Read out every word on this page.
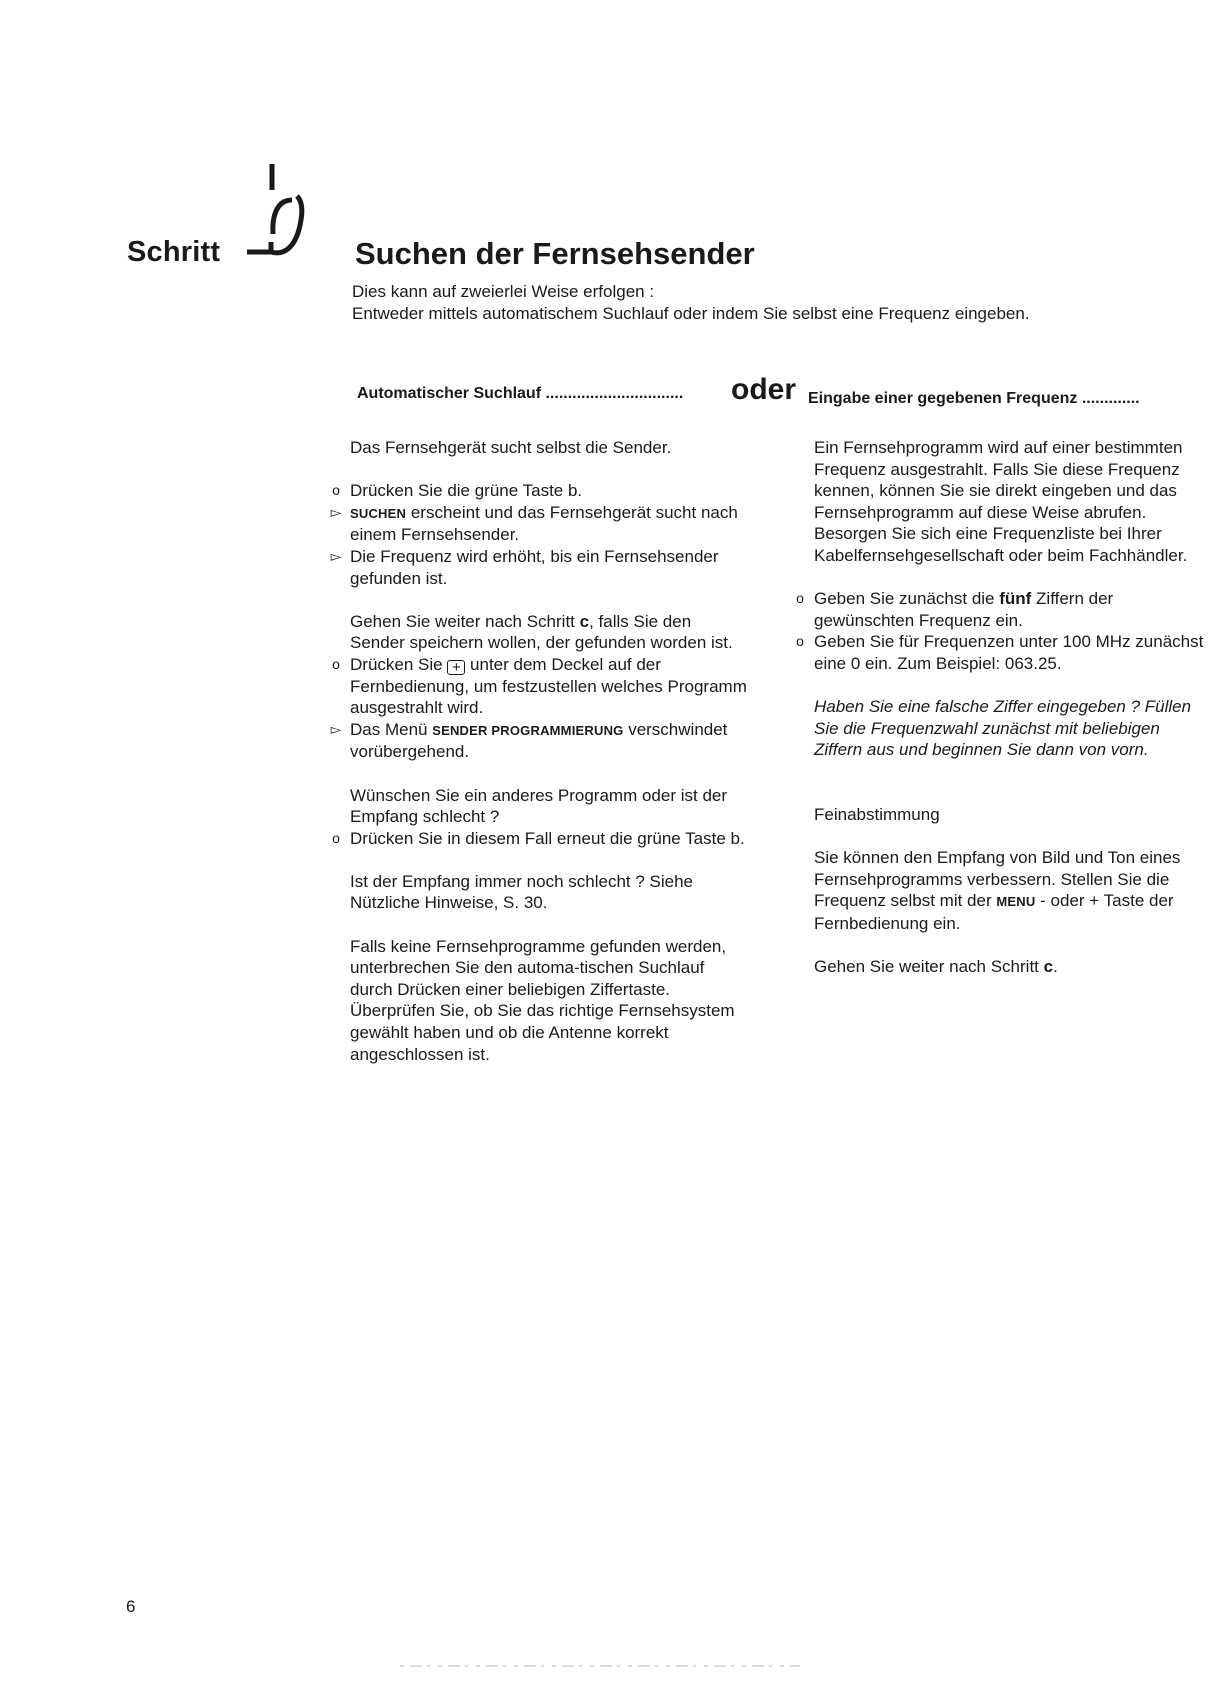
Schritt	Suchen der Fernsehsender
Dies kann auf zweierlei Weise erfolgen :
Entweder mittels automatischem Suchlauf oder indem Sie selbst eine Frequenz eingeben.
Automatischer Suchlauf ............................... oder Eingabe einer gegebenen Frequenz .............

Das Fernsehgerät sucht selbst die Sender.

o Drücken Sie die grüne Taste b.

▻ SUCHEN erscheint und das Fernsehgerät sucht nach einem Fernsehsender.

▻ Die Frequenz wird erhöht, bis ein Fernsehsender gefunden ist.

Gehen Sie weiter nach Schritt c, falls Sie den Sender speichern wollen, der gefunden worden ist.

o Drücken Sie + unter dem Deckel auf der Fernbedienung, um festzustellen welches Programm ausgestrahlt wird.

▻ Das Menü SENDER PROGRAMMIERUNG verschwindet vorübergehend.

Wünschen Sie ein anderes Programm oder ist der Empfang schlecht ?

o Drücken Sie in diesem Fall erneut die grüne Taste b.

Ist der Empfang immer noch schlecht ? Siehe Nützliche Hinweise, S. 30.

Falls keine Fernsehprogramme gefunden werden, unterbrechen Sie den automa-tischen Suchlauf durch Drücken einer beliebigen Ziffertaste.

Überprüfen Sie, ob Sie das richtige Fernsehsystem gewählt haben und ob die Antenne korrekt angeschlossen ist.

Ein Fernsehprogramm wird auf einer bestimmten Frequenz ausgestrahlt. Falls Sie diese Frequenz kennen, können Sie sie direkt eingeben und das Fernsehprogramm auf diese Weise abrufen. Besorgen Sie sich eine Frequenzliste bei Ihrer Kabelfernsehgesellschaft oder beim Fachhändler.

o Geben Sie zunächst die fünf Ziffern der gewünschten Frequenz ein.

o Geben Sie für Frequenzen unter 100 MHz zunächst eine 0 ein. Zum Beispiel: 063.25.

Haben Sie eine falsche Ziffer eingegeben ? Füllen Sie die Frequenzwahl zunächst mit beliebigen Ziffern aus und beginnen Sie dann von vorn.

Feinabstimmung

Sie können den Empfang von Bild und Ton eines Fernsehprogramms verbessern. Stellen Sie die Frequenz selbst mit der MENU - oder + Taste der Fernbedienung ein.

Gehen Sie weiter nach Schritt c.

6
